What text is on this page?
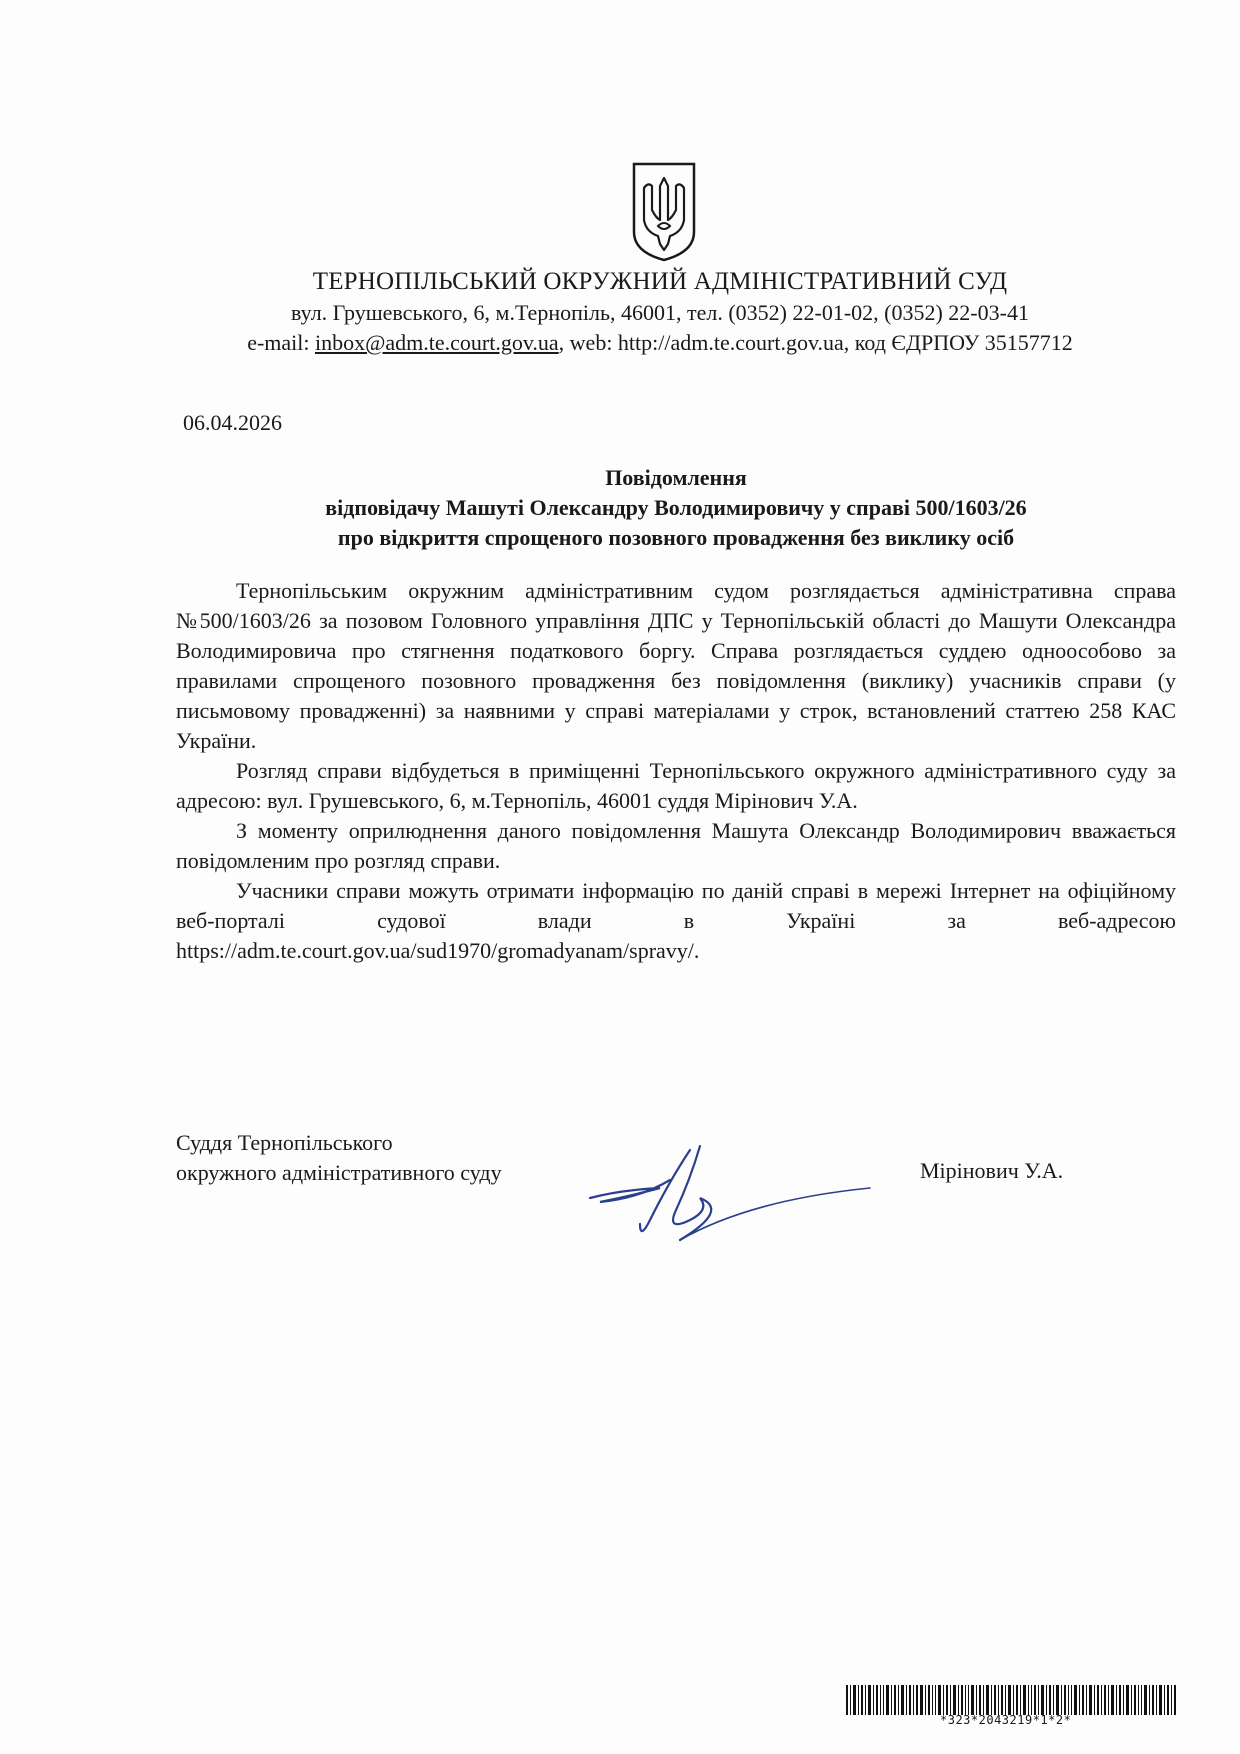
ТЕРНОПІЛЬСЬКИЙ ОКРУЖНИЙ АДМІНІСТРАТИВНИЙ СУД
вул. Грушевського, 6, м.Тернопіль, 46001, тел. (0352) 22-01-02, (0352) 22-03-41
e-mail: inbox@adm.te.court.gov.ua, web: http://adm.te.court.gov.ua, код ЄДРПОУ 35157712
06.04.2026
Повідомлення
відповідачу Машуті Олександру Володимировичу у справі 500/1603/26
про відкриття спрощеного позовного провадження без виклику осіб

Тернопільським окружним адміністративним судом розглядається адміністративна справа №500/1603/26 за позовом Головного управління ДПС у Тернопільській області до Машути Олександра Володимировича про стягнення податкового боргу. Справа розглядається суддею одноособово за правилами спрощеного позовного провадження без повідомлення (виклику) учасників справи (у письмовому провадженні) за наявними у справі матеріалами у строк, встановлений статтею 258 КАС України.

Розгляд справи відбудеться в приміщенні Тернопільського окружного адміністративного суду за адресою: вул. Грушевського, 6, м.Тернопіль, 46001 суддя Мірінович У.А.

З моменту оприлюднення даного повідомлення Машута Олександр Володимирович вважається повідомленим про розгляд справи.

Учасники справи можуть отримати інформацію по даній справі в мережі Інтернет на офіційному веб-порталі судової влади в Україні за веб-адресою https://adm.te.court.gov.ua/sud1970/gromadyanam/spravy/.

Суддя Тернопільського
окружного адміністративного суду	Мірінович У.А.
*323*2043219*1*2*
